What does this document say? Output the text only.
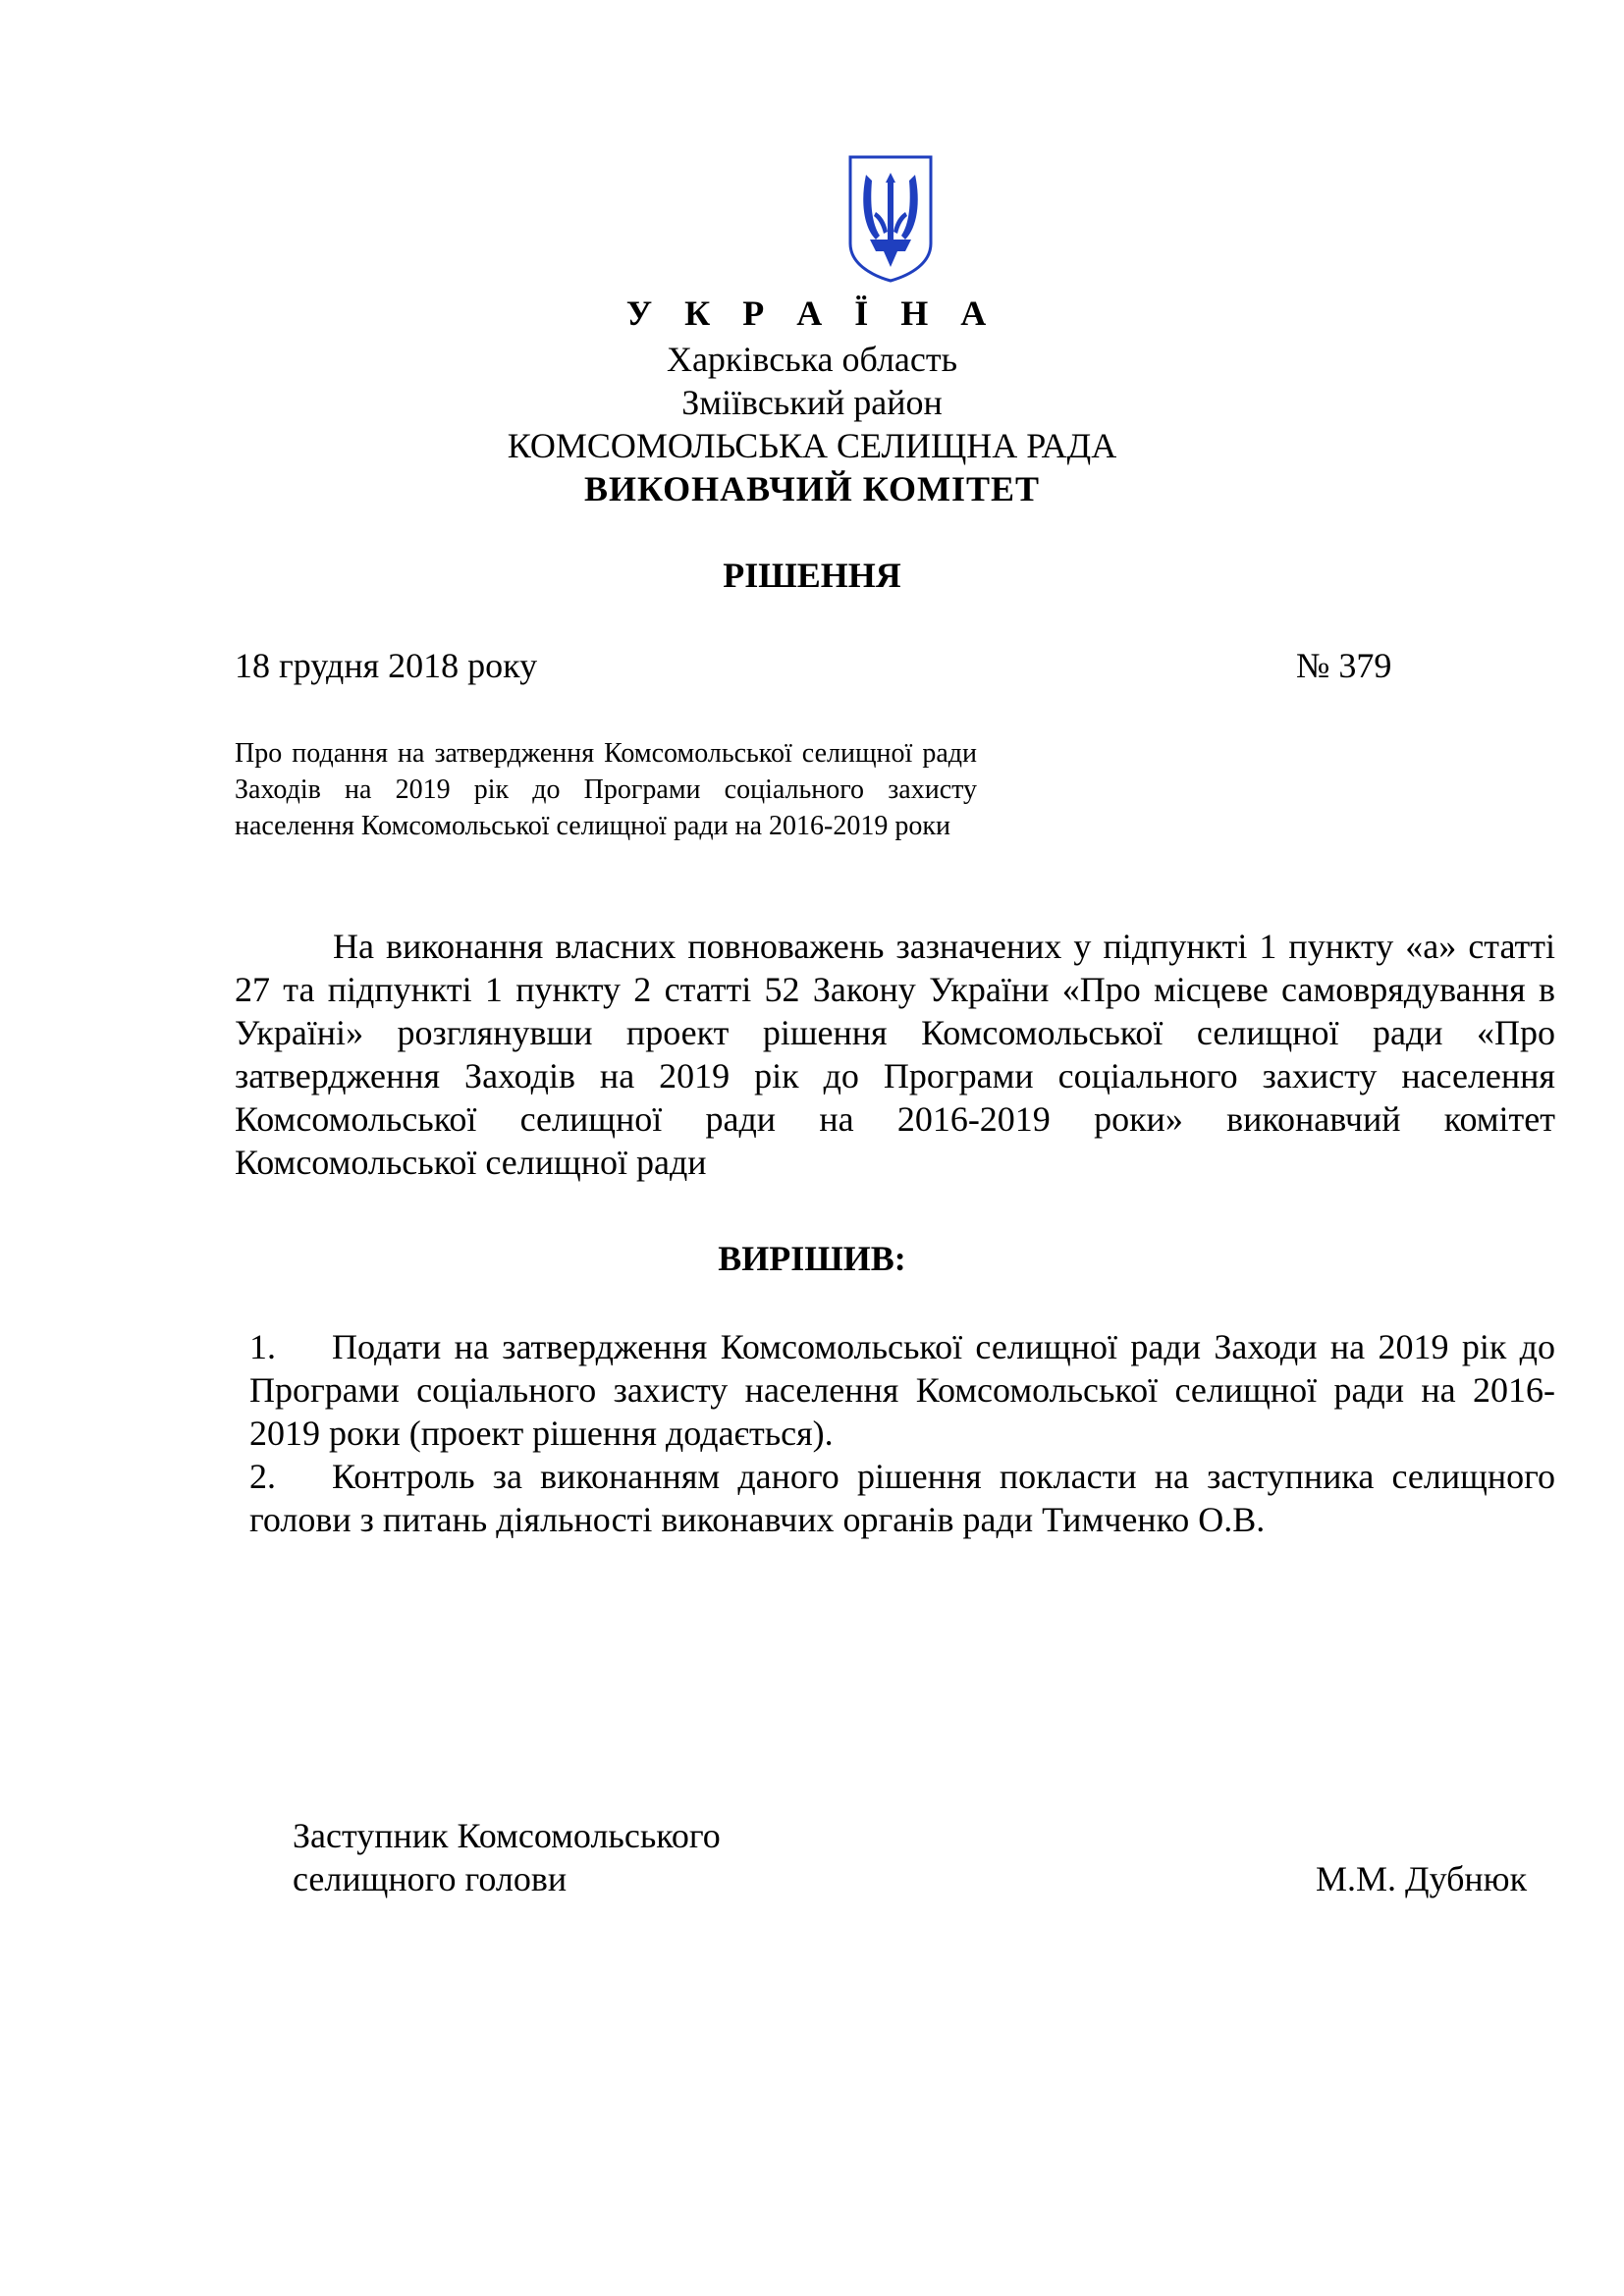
У К Р А Ї Н А
Харківська область
Зміївський район
КОМСОМОЛЬСЬКА СЕЛИЩНА РАДА
ВИКОНАВЧИЙ КОМІТЕТ
РІШЕННЯ
18 грудня 2018 року	№ 379
Про подання на затвердження Комсомольської селищної ради Заходів на 2019 рік до Програми соціального захисту населення Комсомольської селищної ради на 2016-2019 роки
На виконання власних повноважень зазначених у підпункті 1 пункту «а» статті 27 та підпункті 1 пункту 2 статті 52 Закону України «Про місцеве самоврядування в Україні» розглянувши проект рішення Комсомольської селищної ради «Про затвердження Заходів на 2019 рік до Програми соціального захисту населення Комсомольської селищної ради на 2016-2019 роки» виконавчий комітет Комсомольської селищної ради
ВИРІШИВ:

1. Подати на затвердження Комсомольської селищної ради Заходи на 2019 рік до Програми соціального захисту населення Комсомольської селищної ради на 2016-2019 роки (проект рішення додається).

2. Контроль за виконанням даного рішення покласти на заступника селищного голови з питань діяльності виконавчих органів ради Тимченко О.В.

Заступник Комсомольського
селищного голови	М.М. Дубнюк
